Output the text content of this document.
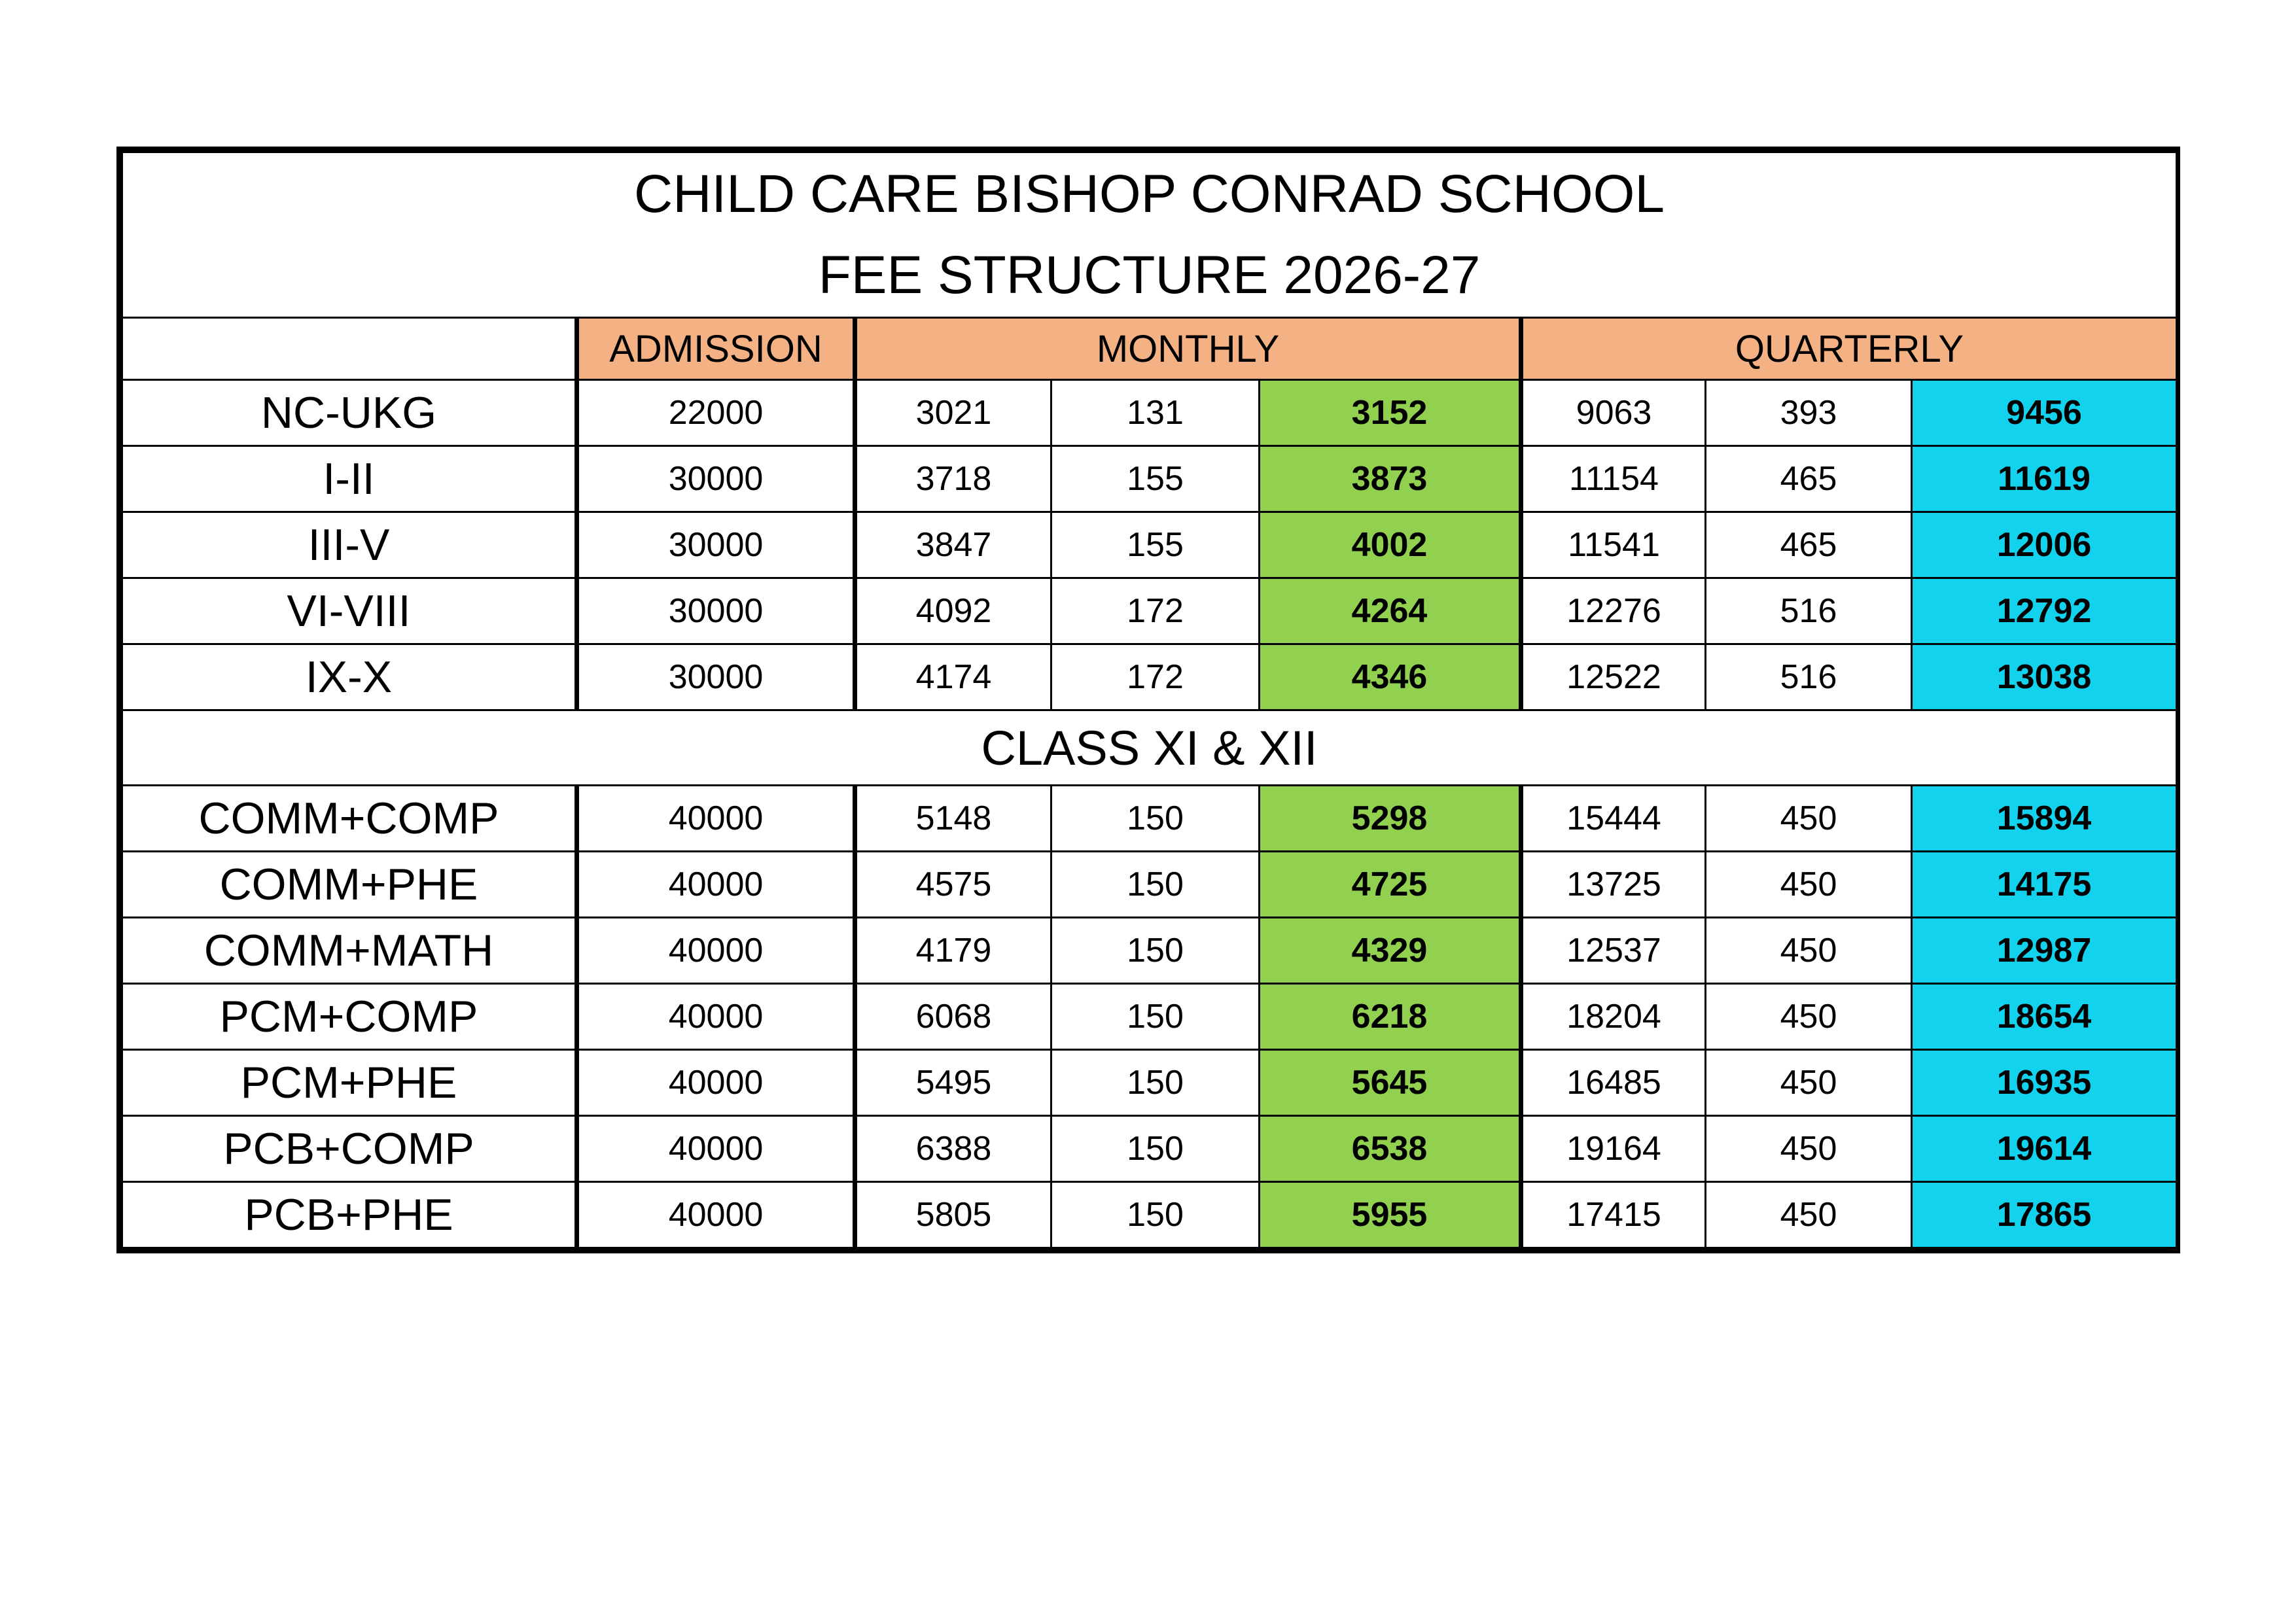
CHILD CARE BISHOP CONRAD SCHOOL
FEE STRUCTURE 2026-27							

	ADMISSION	MONTHLY			QUARTERLY		
NC-UKG	22000	3021	131	3152	9063	393	9456
I-II	30000	3718	155	3873	11154	465	11619
III-V	30000	3847	155	4002	11541	465	12006
VI-VIII	30000	4092	172	4264	12276	516	12792
IX-X	30000	4174	172	4346	12522	516	13038
CLASS XI & XII							
COMM+COMP	40000	5148	150	5298	15444	450	15894
COMM+PHE	40000	4575	150	4725	13725	450	14175
COMM+MATH	40000	4179	150	4329	12537	450	12987
PCM+COMP	40000	6068	150	6218	18204	450	18654
PCM+PHE	40000	5495	150	5645	16485	450	16935
PCB+COMP	40000	6388	150	6538	19164	450	19614
PCB+PHE	40000	5805	150	5955	17415	450	17865
